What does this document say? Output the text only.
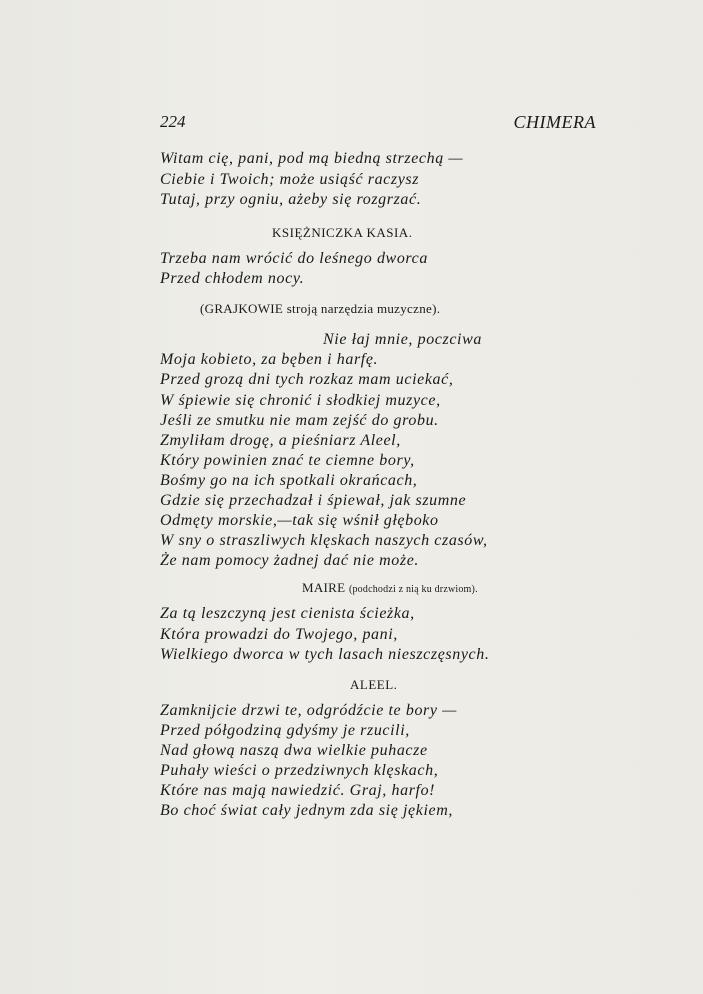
224	CHIMERA
Witam cię, pani, pod mą biedną strzechą —
Ciebie i Twoich; może usiąść raczysz
Tutaj, przy ogniu, ażeby się rozgrzać.
KSIĘŻNICZKA KASIA.
Trzeba nam wrócić do leśnego dworca
Przed chłodem nocy.
(GRAJKOWIE stroją narzędzia muzyczne).
Nie łaj mnie, poczciwa
Moja kobieto, za bęben i harfę.
Przed grozą dni tych rozkaz mam uciekać,
W śpiewie się chronić i słodkiej muzyce,
Jeśli ze smutku nie mam zejść do grobu.
Zmyliłam drogę, a pieśniarz Aleel,
Który powinien znać te ciemne bory,
Bośmy go na ich spotkali okrańcach,
Gdzie się przechadzał i śpiewał, jak szumne
Odmęty morskie,—tak się wśnił głęboko
W sny o straszliwych klęskach naszych czasów,
Że nam pomocy żadnej dać nie może.
MAIRE (podchodzi z nią ku drzwiom).
Za tą leszczyną jest cienista ścieżka,
Która prowadzi do Twojego, pani,
Wielkiego dworca w tych lasach nieszczęsnych.
ALEEL.
Zamknijcie drzwi te, odgródźcie te bory —
Przed półgodziną gdyśmy je rzucili,
Nad głową naszą dwa wielkie puhacze
Puhały wieści o przedziwnych klęskach,
Które nas mają nawiedzić. Graj, harfo!
Bo choć świat cały jednym zda się jękiem,
